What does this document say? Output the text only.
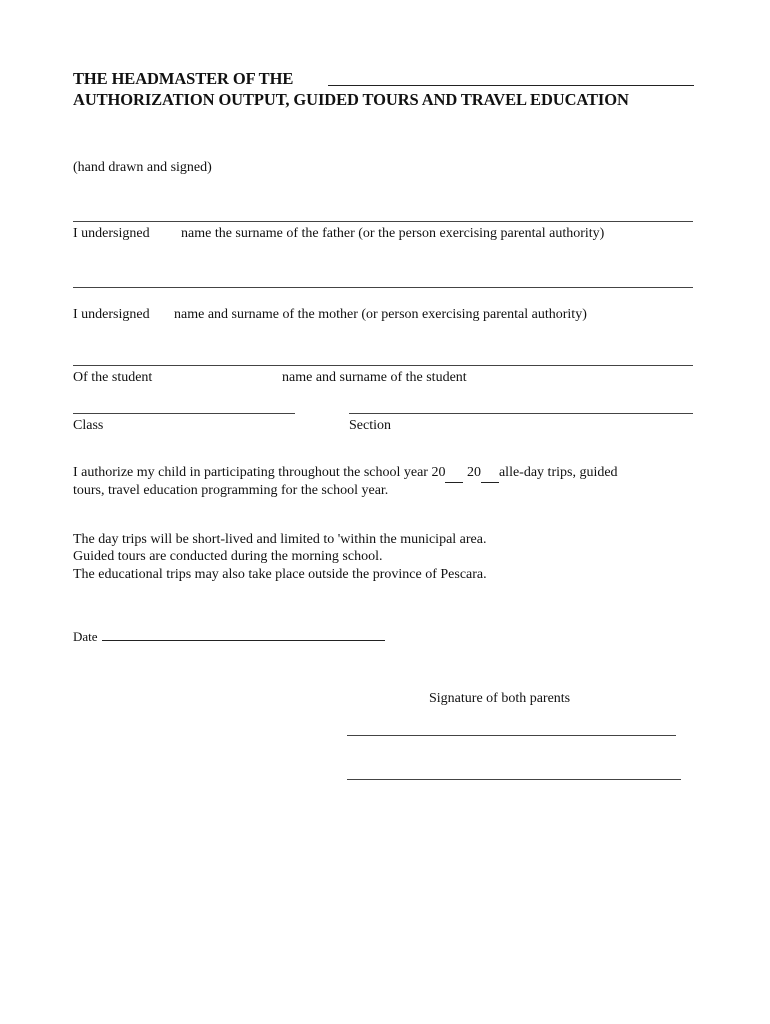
THE HEADMASTER OF THE
AUTHORIZATION OUTPUT, GUIDED TOURS AND TRAVEL EDUCATION
(hand drawn and signed)
I undersigned name the surname of the father (or the person exercising parental authority)
I undersigned name and surname of the mother (or person exercising parental authority)
Of the student	name and surname of the student
Class	Section
I authorize my child in participating throughout the school year 20  20 alle-day trips, guided
tours, travel education programming for the school year.
The day trips will be short-lived and limited to 'within the municipal area.
Guided tours are conducted during the morning school.
The educational trips may also take place outside the province of Pescara.
Date
Signature of both parents
